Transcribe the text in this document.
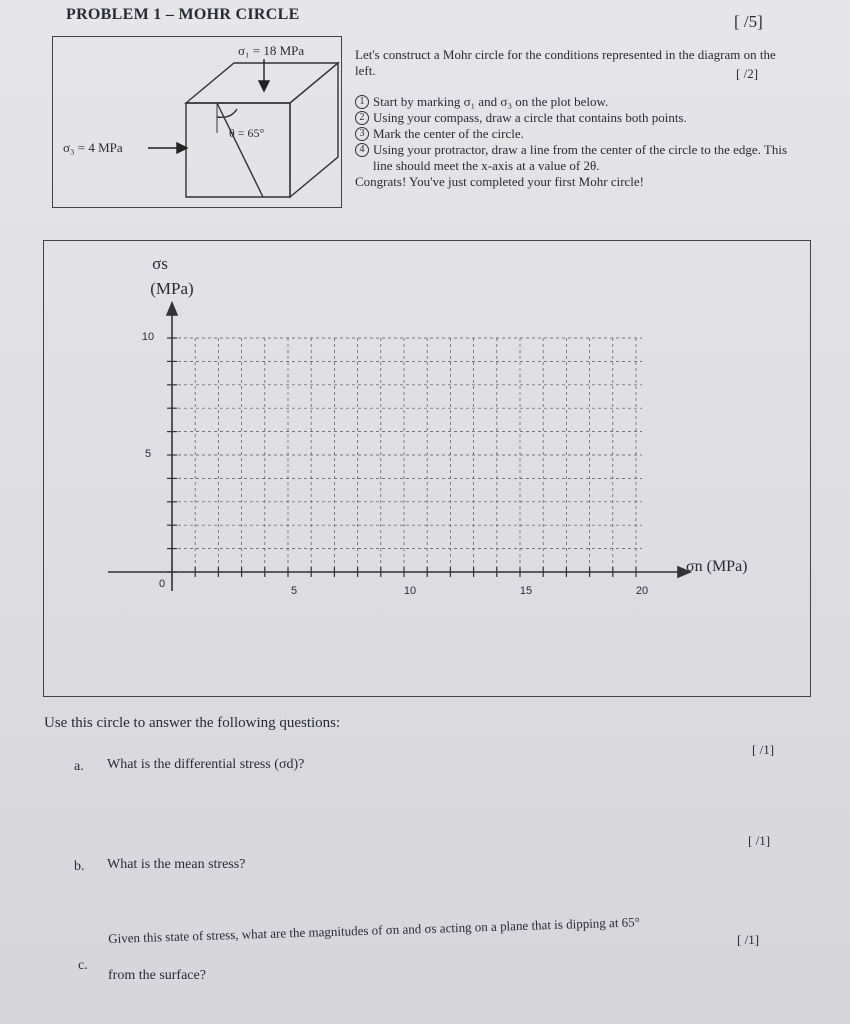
PROBLEM 1 – MOHR CIRCLE	[ /5]
σ₁ = 18 MPa
σ₃ = 4 MPa
θ = 65°
Let's construct a Mohr circle for the conditions represented in the diagram on the left.	[ /2]
1 Start by marking σ₁ and σ₃ on the plot below.
2 Using your compass, draw a circle that contains both points.
3 Mark the center of the circle.
4 Using your protractor, draw a line from the center of the circle to the edge. This line should meet the x-axis at a value of 2θ.
Congrats! You've just completed your first Mohr circle!
σs
(MPa)
σn (MPa)
0
5	10	15	20
5
10
Use this circle to answer the following questions:
a. What is the differential stress (σd)?
[ /1]
b. What is the mean stress?
[ /1]
c.
Given this state of stress, what are the magnitudes of σn and σs acting on a plane that is dipping at 65°
from the surface?
[ /1]
